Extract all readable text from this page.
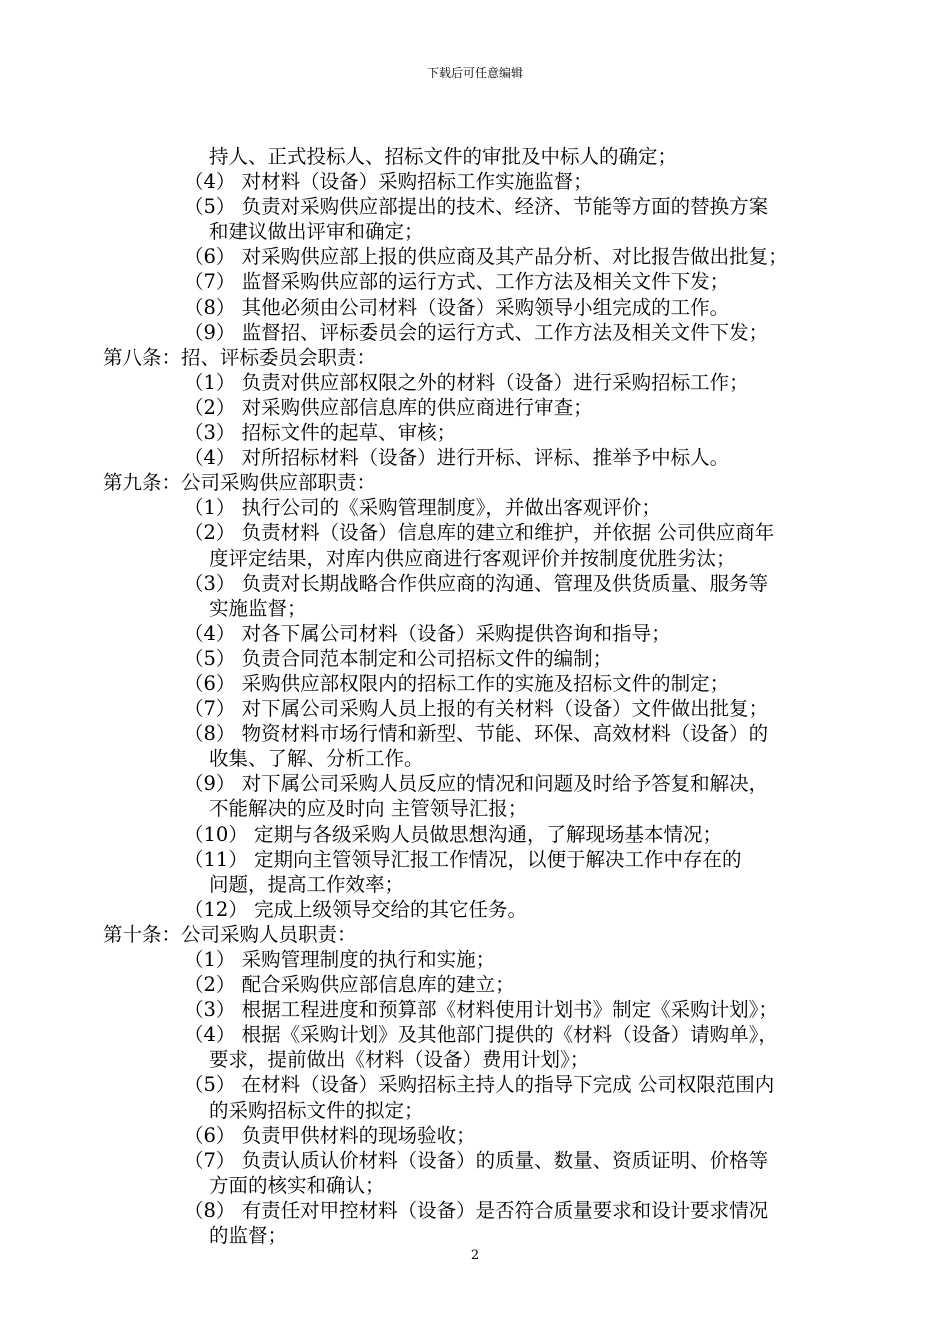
下载后可任意编辑
持人、正式投标人、招标文件的审批及中标人的确定；
（4） 对材料（设备）采购招标工作实施监督；
（5） 负责对采购供应部提出的技术、经济、节能等方面的替换方案
和建议做出评审和确定；
（6） 对采购供应部上报的供应商及其产品分析、对比报告做出批复；
（7） 监督采购供应部的运行方式、工作方法及相关文件下发；
（8） 其他必须由公司材料（设备）采购领导小组完成的工作。
（9） 监督招、评标委员会的运行方式、工作方法及相关文件下发；
第八条：招、评标委员会职责：
（1） 负责对供应部权限之外的材料（设备）进行采购招标工作；
（2） 对采购供应部信息库的供应商进行审查；
（3） 招标文件的起草、审核；
（4） 对所招标材料（设备）进行开标、评标、推举予中标人。
第九条：公司采购供应部职责：
（1） 执行公司的《采购管理制度》，并做出客观评价；
（2） 负责材料（设备）信息库的建立和维护，并依据 公司供应商年
度评定结果，对库内供应商进行客观评价并按制度优胜劣汰；
（3） 负责对长期战略合作供应商的沟通、管理及供货质量、服务等
实施监督；
（4） 对各下属公司材料（设备）采购提供咨询和指导；
（5） 负责合同范本制定和公司招标文件的编制；
（6） 采购供应部权限内的招标工作的实施及招标文件的制定；
（7） 对下属公司采购人员上报的有关材料（设备）文件做出批复；
（8） 物资材料市场行情和新型、节能、环保、高效材料（设备）的
收集、了解、分析工作。
（9） 对下属公司采购人员反应的情况和问题及时给予答复和解决，
不能解决的应及时向 主管领导汇报；
（10） 定期与各级采购人员做思想沟通，了解现场基本情况；
（11） 定期向主管领导汇报工作情况，以便于解决工作中存在的
问题，提高工作效率；
（12） 完成上级领导交给的其它任务。
第十条：公司采购人员职责：
（1） 采购管理制度的执行和实施；
（2） 配合采购供应部信息库的建立；
（3） 根据工程进度和预算部《材料使用计划书》制定《采购计划》；
（4） 根据《采购计划》及其他部门提供的《材料（设备）请购单》，
要求，提前做出《材料（设备）费用计划》；
（5） 在材料（设备）采购招标主持人的指导下完成 公司权限范围内
的采购招标文件的拟定；
（6） 负责甲供材料的现场验收；
（7） 负责认质认价材料（设备）的质量、数量、资质证明、价格等
方面的核实和确认；
（8） 有责任对甲控材料（设备）是否符合质量要求和设计要求情况
的监督；
2
